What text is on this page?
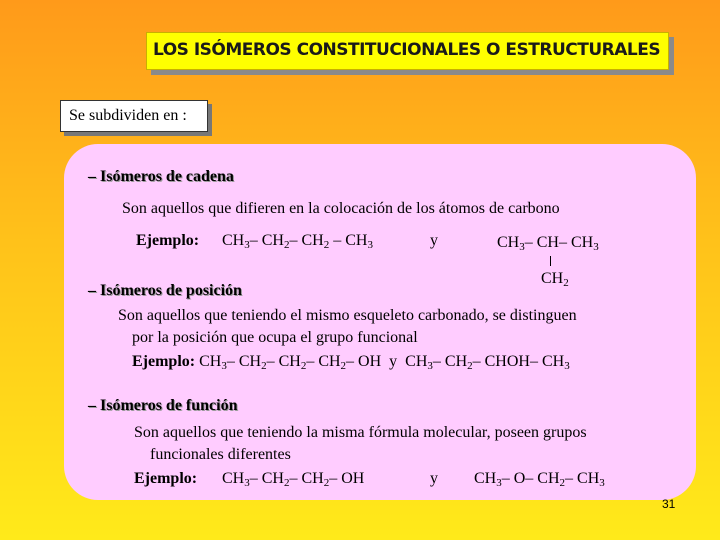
LOS ISÓMEROS CONSTITUCIONALES O ESTRUCTURALES
Se subdividen en :
– Isómeros de cadena
Son aquellos que difieren en la colocación de los átomos de carbono
Ejemplo: $CH_3-$ $CH_2-$ $CH_2 - CH_3$	y	$CH_3-$ CH– $CH_3$
$CH_2$
– Isómeros de posición
Son aquellos que teniendo el mismo esqueleto carbonado, se distinguen
por la posición que ocupa el grupo funcional
Ejemplo: $CH_3-$ $CH_2-$ $CH_2-$ $CH_2-$ OH y $CH_3-$ $CH_2-$ CHOH– $CH_3$
– Isómeros de función
Son aquellos que teniendo la misma fórmula molecular, poseen grupos
funcionales diferentes
Ejemplo: $CH_3-$ $CH_2-$ $CH_2-$ OH	y $CH_3-$ O– $CH_2-$ $CH_3$
31
